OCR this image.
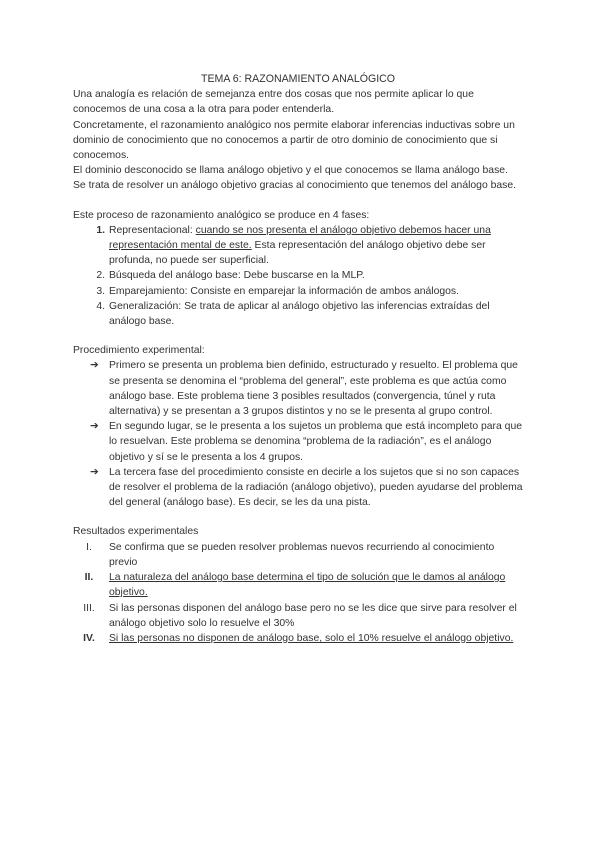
TEMA 6: RAZONAMIENTO ANALÓGICO

Una analogía es relación de semejanza entre dos cosas que nos permite aplicar lo que conocemos de una cosa a la otra para poder entenderla.

Concretamente, el razonamiento analógico nos permite elaborar inferencias inductivas sobre un dominio de conocimiento que no conocemos a partir de otro dominio de conocimiento que si conocemos.

El dominio desconocido se llama análogo objetivo y el que conocemos se llama análogo base.

Se trata de resolver un análogo objetivo gracias al conocimiento que tenemos del análogo base.

Este proceso de razonamiento analógico se produce en 4 fases:

1. Representacional: cuando se nos presenta el análogo objetivo debemos hacer una representación mental de este. Esta representación del análogo objetivo debe ser profunda, no puede ser superficial.
2. Búsqueda del análogo base: Debe buscarse en la MLP.
3. Emparejamiento: Consiste en emparejar la información de ambos análogos.
4. Generalización: Se trata de aplicar al análogo objetivo las inferencias extraídas del análogo base.

Procedimiento experimental:

➔ Primero se presenta un problema bien definido, estructurado y resuelto. El problema que se presenta se denomina el “problema del general”, este problema es que actúa como análogo base. Este problema tiene 3 posibles resultados (convergencia, túnel y ruta alternativa) y se presentan a 3 grupos distintos y no se le presenta al grupo control.
➔ En segundo lugar, se le presenta a los sujetos un problema que está incompleto para que lo resuelvan. Este problema se denomina “problema de la radiación”, es el análogo objetivo y sí se le presenta a los 4 grupos.
➔ La tercera fase del procedimiento consiste en decirle a los sujetos que si no son capaces de resolver el problema de la radiación (análogo objetivo), pueden ayudarse del problema del general (análogo base). Es decir, se les da una pista.

Resultados experimentales

I.	Se confirma que se pueden resolver problemas nuevos recurriendo al conocimiento previo
II.	La naturaleza del análogo base determina el tipo de solución que le damos al análogo objetivo.
III.	Si las personas disponen del análogo base pero no se les dice que sirve para resolver el análogo objetivo solo lo resuelve el 30%
IV.	Si las personas no disponen de análogo base, solo el 10% resuelve el análogo objetivo.
